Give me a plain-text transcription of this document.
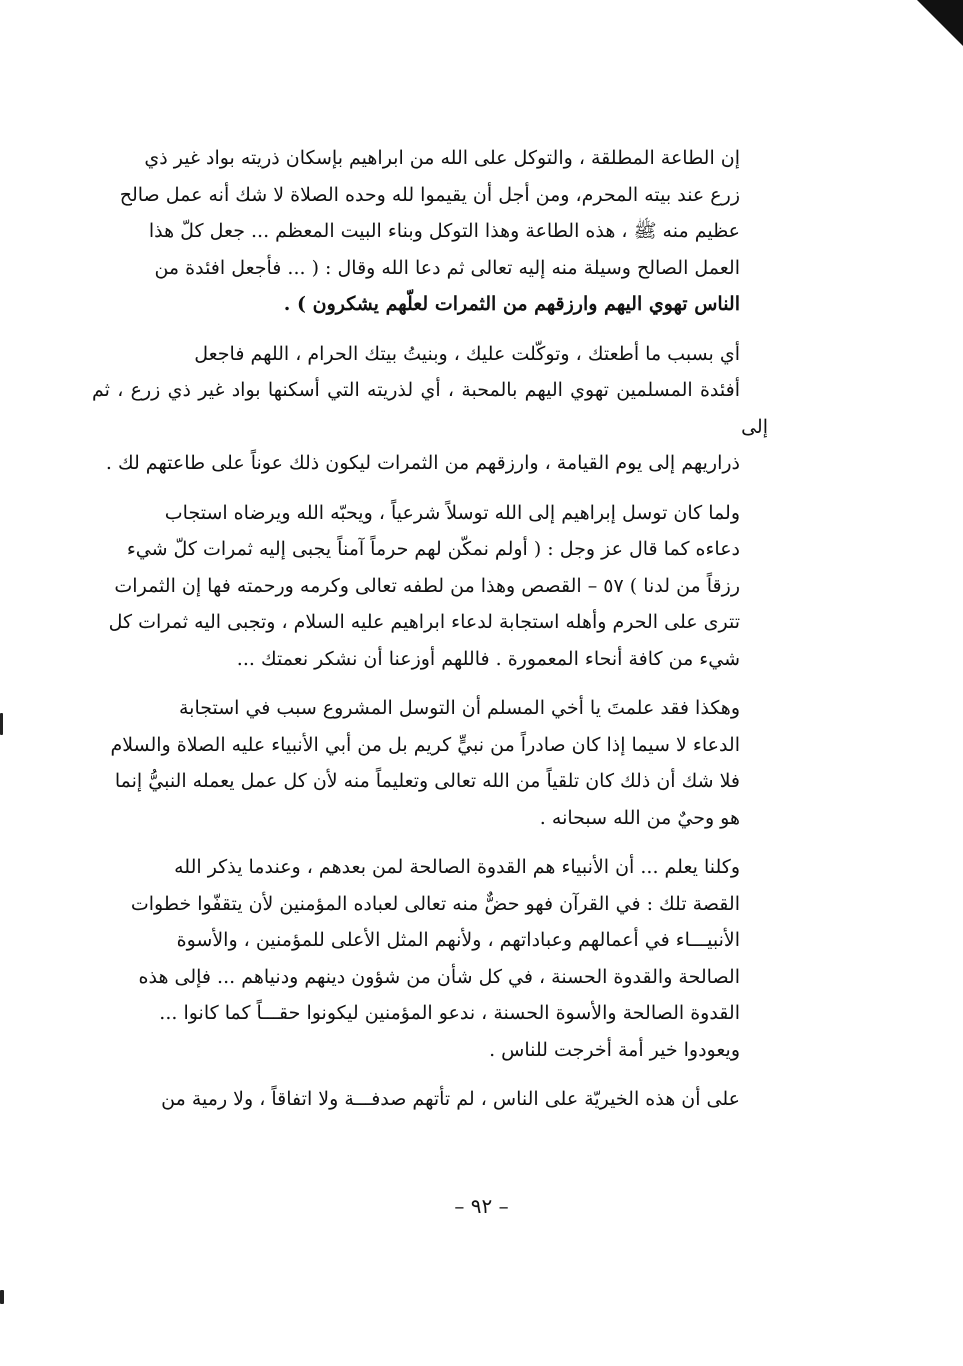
إن الطاعة المطلقة ، والتوكل على الله من ابراهيم بإسكان ذريته بواد غير ذي
زرع عند بيته المحرم، ومن أجل أن يقيموا لله وحده الصلاة لا شك أنه عمل صالح
عظيم منه ﷺ ، هذه الطاعة وهذا التوكل وبناء البيت المعظم ... جعل كلّ هذا
العمل الصالح وسيلة منه إليه تعالى ثم دعا الله وقال : ( ... فأجعل افئدة من
الناس تهوي اليهم وارزقهم من الثمرات لعلّهم يشكرون ) .

أي بسبب ما أطعتك ، وتوكّلت عليك ، وبنيتُ بيتك الحرام ، اللهم فاجعل
أفئدة المسلمين تهوي اليهم بالمحبة ، أي لذريته التي أسكنها بواد غير ذي زرع ، ثم إلى
ذراريهم إلى يوم القيامة ، وارزقهم من الثمرات ليكون ذلك عوناً على طاعتهم لك .

ولما كان توسل إبراهيم إلى الله توسلاً شرعياً ، ويحبّه الله ويرضاه استجاب
دعاءه كما قال عز وجل : ( أولم نمكّن لهم حرماً آمناً يجبى إليه ثمرات كلّ شيء
رزقاً من لدنا ) ٥٧ – القصص وهذا من لطفه تعالى وكرمه ورحمته فها إن الثمرات
تترى على الحرم وأهله استجابة لدعاء ابراهيم عليه السلام ، وتجبى اليه ثمرات كل
شيء من كافة أنحاء المعمورة . فاللهم أوزعنا أن نشكر نعمتك ...

وهكذا فقد علمتَ يا أخي المسلم أن التوسل المشروع سبب في استجابة
الدعاء لا سيما إذا كان صادراً من نبيٍّ كريم بل من أبي الأنبياء عليه الصلاة والسلام
فلا شك أن ذلك كان تلقياً من الله تعالى وتعليماً منه لأن كل عمل يعمله النبيُّ إنما
هو وحيٌ من الله سبحانه .

وكلنا يعلم ... أن الأنبياء هم القدوة الصالحة لمن بعدهم ، وعندما يذكر الله
القصة تلك : في القرآن فهو حضٌّ منه تعالى لعباده المؤمنين لأن يتقفّوا خطوات
الأنبيـــاء في أعمالهم وعباداتهم ، ولأنهم المثل الأعلى للمؤمنين ، والأسوة
الصالحة والقدوة الحسنة ، في كل شأن من شؤون دينهم ودنياهم ... فإلى هذه
القدوة الصالحة والأسوة الحسنة ، ندعو المؤمنين ليكونوا حقـــاً كما كانوا ...
ويعودوا خير أمة أخرجت للناس .

على أن هذه الخيريّة على الناس ، لم تأتهم صدفـــة ولا اتفاقاً ، ولا رمية من

– ٩٢ –
